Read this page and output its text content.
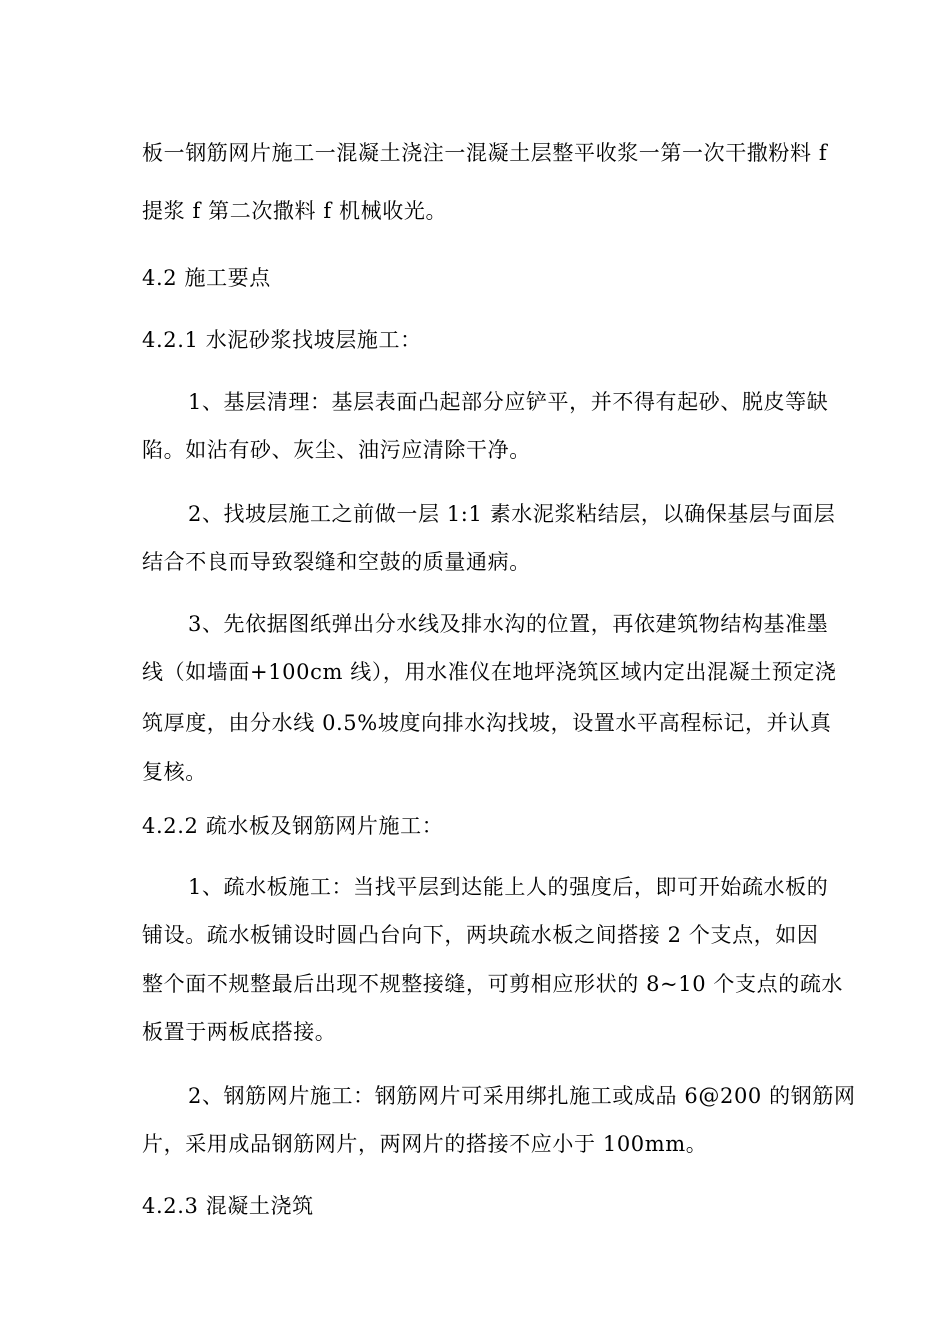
板一钢筋网片施工一混凝土浇注一混凝土层整平收浆一第一次干撒粉料 f
提浆 f 第二次撒料 f 机械收光。
4.2 施工要点
4.2.1 水泥砂浆找坡层施工：
1、基层清理：基层表面凸起部分应铲平，并不得有起砂、脱皮等缺
陷。如沾有砂、灰尘、油污应清除干净。
2、找坡层施工之前做一层 1:1 素水泥浆粘结层，以确保基层与面层
结合不良而导致裂缝和空鼓的质量通病。
3、先依据图纸弹出分水线及排水沟的位置，再依建筑物结构基准墨
线（如墙面+100cm 线），用水准仪在地坪浇筑区域内定出混凝土预定浇
筑厚度，由分水线 0.5%坡度向排水沟找坡，设置水平高程标记，并认真
复核。
4.2.2 疏水板及钢筋网片施工：
1、疏水板施工：当找平层到达能上人的强度后，即可开始疏水板的
铺设。疏水板铺设时圆凸台向下，两块疏水板之间搭接 2 个支点，如因
整个面不规整最后出现不规整接缝，可剪相应形状的 8~10 个支点的疏水
板置于两板底搭接。
2、钢筋网片施工：钢筋网片可采用绑扎施工或成品 6@200 的钢筋网
片，采用成品钢筋网片，两网片的搭接不应小于 100mm。
4.2.3 混凝土浇筑
